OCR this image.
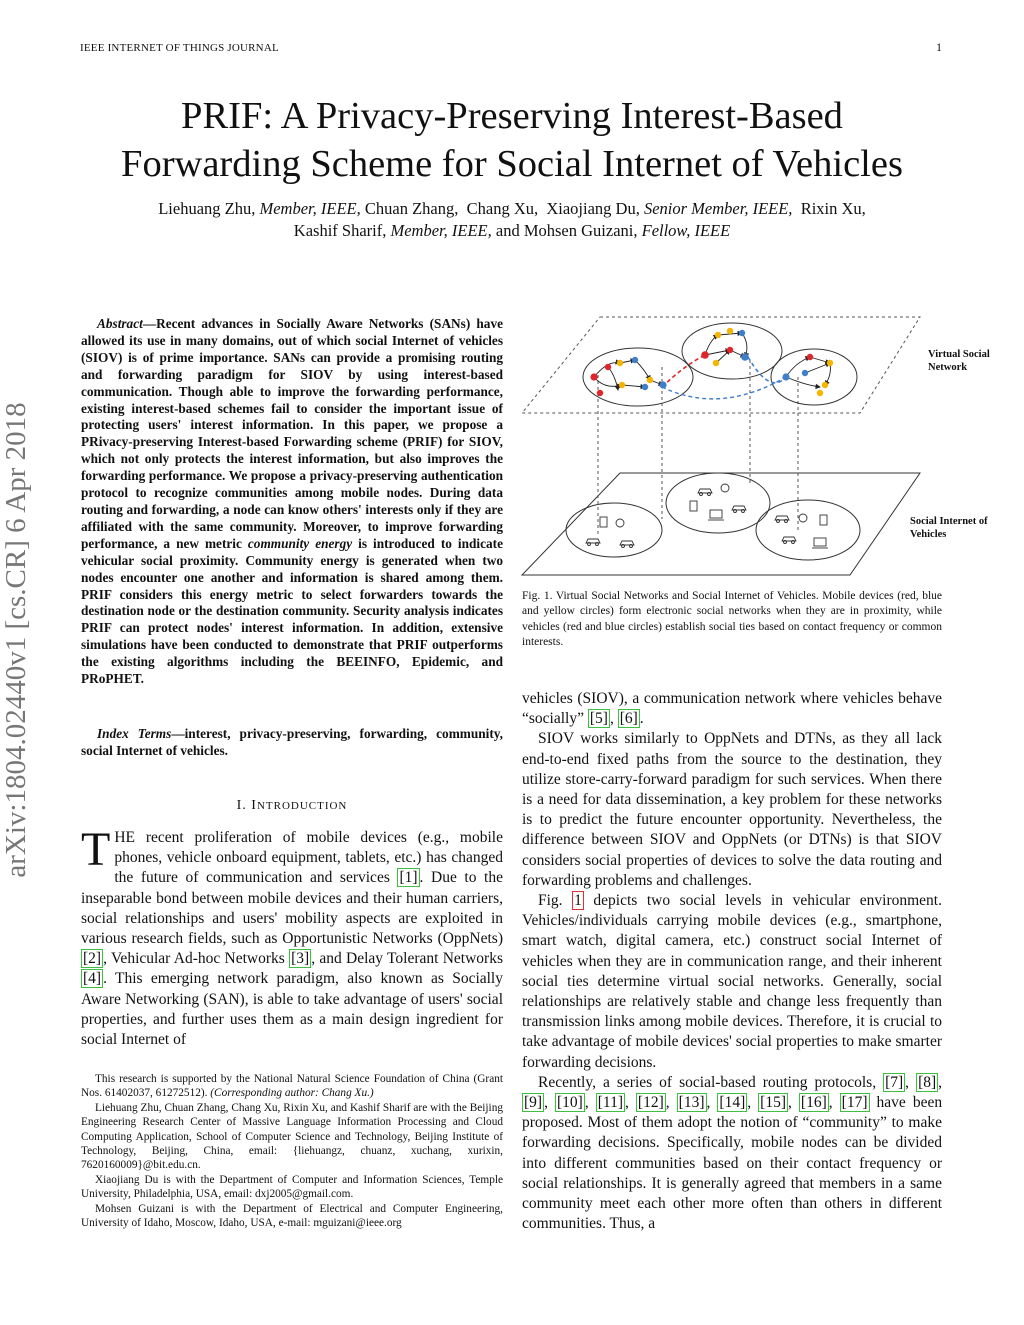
IEEE INTERNET OF THINGS JOURNAL	1
arXiv:1804.02440v1 [cs.CR] 6 Apr 2018
PRIF: A Privacy-Preserving Interest-Based
Forwarding Scheme for Social Internet of Vehicles
Liehuang Zhu, Member, IEEE, Chuan Zhang, Chang Xu, Xiaojiang Du, Senior Member, IEEE, Rixin Xu,
Kashif Sharif, Member, IEEE, and Mohsen Guizani, Fellow, IEEE
Abstract—Recent advances in Socially Aware Networks (SANs) have allowed its use in many domains, out of which social Internet of vehicles (SIOV) is of prime importance. SANs can provide a promising routing and forwarding paradigm for SIOV by using interest-based communication. Though able to improve the forwarding performance, existing interest-based schemes fail to consider the important issue of protecting users' interest information. In this paper, we propose a PRivacy-preserving Interest-based Forwarding scheme (PRIF) for SIOV, which not only protects the interest information, but also improves the forwarding performance. We propose a privacy-preserving authentication protocol to recognize communities among mobile nodes. During data routing and forwarding, a node can know others' interests only if they are affiliated with the same community. Moreover, to improve forwarding performance, a new metric community energy is introduced to indicate vehicular social proximity. Community energy is generated when two nodes encounter one another and information is shared among them. PRIF considers this energy metric to select forwarders towards the destination node or the destination community. Security analysis indicates PRIF can protect nodes' interest information. In addition, extensive simulations have been conducted to demonstrate that PRIF outperforms the existing algorithms including the BEEINFO, Epidemic, and PRoPHET.
Index Terms—interest, privacy-preserving, forwarding, community, social Internet of vehicles.
I. INTRODUCTION
THE recent proliferation of mobile devices (e.g., mobile phones, vehicle onboard equipment, tablets, etc.) has changed the future of communication and services [1] . Due to the inseparable bond between mobile devices and their human carriers, social relationships and users' mobility aspects are exploited in various research fields, such as Opportunistic Networks (OppNets) [2] , Vehicular Ad-hoc Networks [3] , and Delay Tolerant Networks [4] . This emerging network paradigm, also known as Socially Aware Networking (SAN), is able to take advantage of users' social properties, and further uses them as a main design ingredient for social Internet of

This research is supported by the National Natural Science Foundation of China (Grant Nos. 61402037, 61272512). (Corresponding author: Chang Xu.)

Liehuang Zhu, Chuan Zhang, Chang Xu, Rixin Xu, and Kashif Sharif are with the Beijing Engineering Research Center of Massive Language Information Processing and Cloud Computing Application, School of Computer Science and Technology, Beijing Institute of Technology, Beijing, China, email: {liehuangz, chuanz, xuchang, xurixin, 7620160009}@bit.edu.cn.

Xiaojiang Du is with the Department of Computer and Information Sciences, Temple University, Philadelphia, USA, email: dxj2005@gmail.com.

Mohsen Guizani is with the Department of Electrical and Computer Engineering, University of Idaho, Moscow, Idaho, USA, e-mail: mguizani@ieee.org

Virtual Social
Network
Social Internet of
Vehicles
Fig. 1. Virtual Social Networks and Social Internet of Vehicles. Mobile devices (red, blue and yellow circles) form electronic social networks when they are in proximity, while vehicles (red and blue circles) establish social ties based on contact frequency or common interests.

vehicles (SIOV), a communication network where vehicles behave “socially” [5] , [6] .

SIOV works similarly to OppNets and DTNs, as they all lack end-to-end fixed paths from the source to the destination, they utilize store-carry-forward paradigm for such services. When there is a need for data dissemination, a key problem for these networks is to predict the future encounter opportunity. Nevertheless, the difference between SIOV and OppNets (or DTNs) is that SIOV considers social properties of devices to solve the data routing and forwarding problems and challenges.

Fig. 1 depicts two social levels in vehicular environment. Vehicles/individuals carrying mobile devices (e.g., smartphone, smart watch, digital camera, etc.) construct social Internet of vehicles when they are in communication range, and their inherent social ties determine virtual social networks. Generally, social relationships are relatively stable and change less frequently than transmission links among mobile devices. Therefore, it is crucial to take advantage of mobile devices' social properties to make smarter forwarding decisions.

Recently, a series of social-based routing protocols, [7] , [8] , [9] , [10] , [11] , [12] , [13] , [14] , [15] , [16] , [17] have been proposed. Most of them adopt the notion of “community” to make forwarding decisions. Specifically, mobile nodes can be divided into different communities based on their contact frequency or social relationships. It is generally agreed that members in a same community meet each other more often than others in different communities. Thus, a
